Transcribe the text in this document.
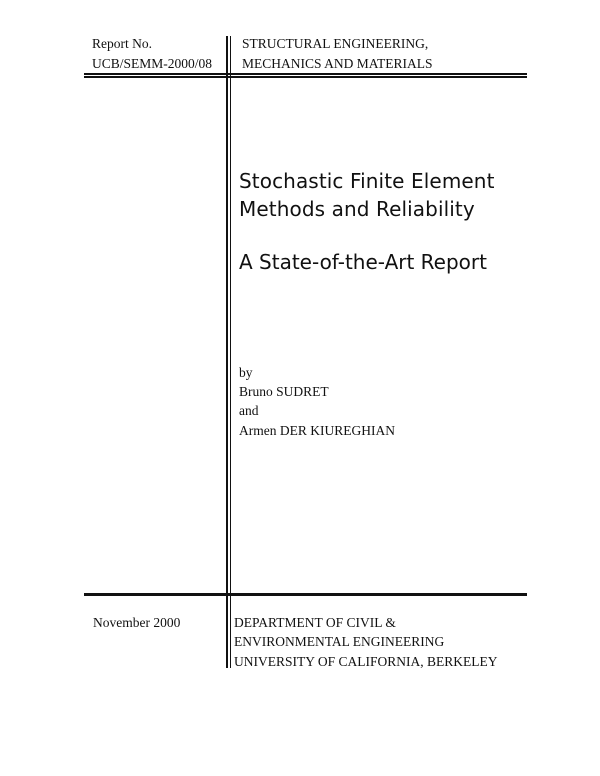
Report No.
UCB/SEMM-2000/08
STRUCTURAL ENGINEERING,
MECHANICS AND MATERIALS
Stochastic Finite Element
Methods and Reliability
A State-of-the-Art Report
by
Bruno SUDRET
and
Armen DER KIUREGHIAN
November 2000	DEPARTMENT OF CIVIL &
ENVIRONMENTAL ENGINEERING
UNIVERSITY OF CALIFORNIA, BERKELEY
